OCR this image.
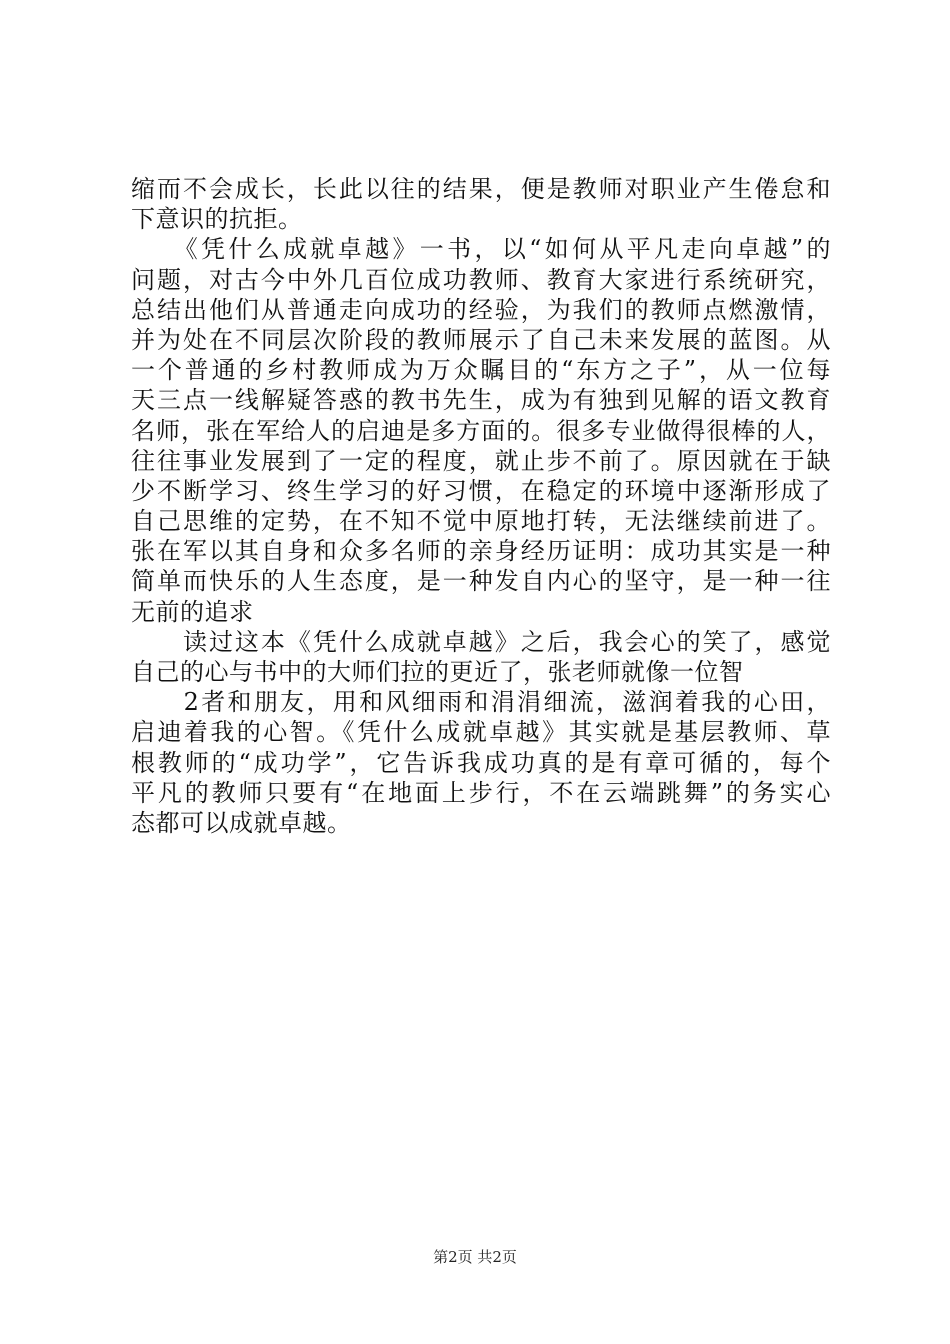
缩而不会成长，长此以往的结果，便是教师对职业产生倦怠和
下意识的抗拒。
　　《凭什么成就卓越》一书，以“如何从平凡走向卓越”的
问题，对古今中外几百位成功教师、教育大家进行系统研究，
总结出他们从普通走向成功的经验，为我们的教师点燃激情，
并为处在不同层次阶段的教师展示了自己未来发展的蓝图。从
一个普通的乡村教师成为万众瞩目的“东方之子”，从一位每
天三点一线解疑答惑的教书先生，成为有独到见解的语文教育
名师，张在军给人的启迪是多方面的。很多专业做得很棒的人，
往往事业发展到了一定的程度，就止步不前了。原因就在于缺
少不断学习、终生学习的好习惯，在稳定的环境中逐渐形成了
自己思维的定势，在不知不觉中原地打转，无法继续前进了。
张在军以其自身和众多名师的亲身经历证明：成功其实是一种
简单而快乐的人生态度，是一种发自内心的坚守，是一种一往
无前的追求
　　读过这本《凭什么成就卓越》之后，我会心的笑了，感觉
自己的心与书中的大师们拉的更近了，张老师就像一位智
　　2者和朋友，用和风细雨和涓涓细流，滋润着我的心田，
启迪着我的心智。《凭什么成就卓越》其实就是基层教师、草
根教师的“成功学”，它告诉我成功真的是有章可循的，每个
平凡的教师只要有“在地面上步行，不在云端跳舞”的务实心
态都可以成就卓越。
第2页 共2页
